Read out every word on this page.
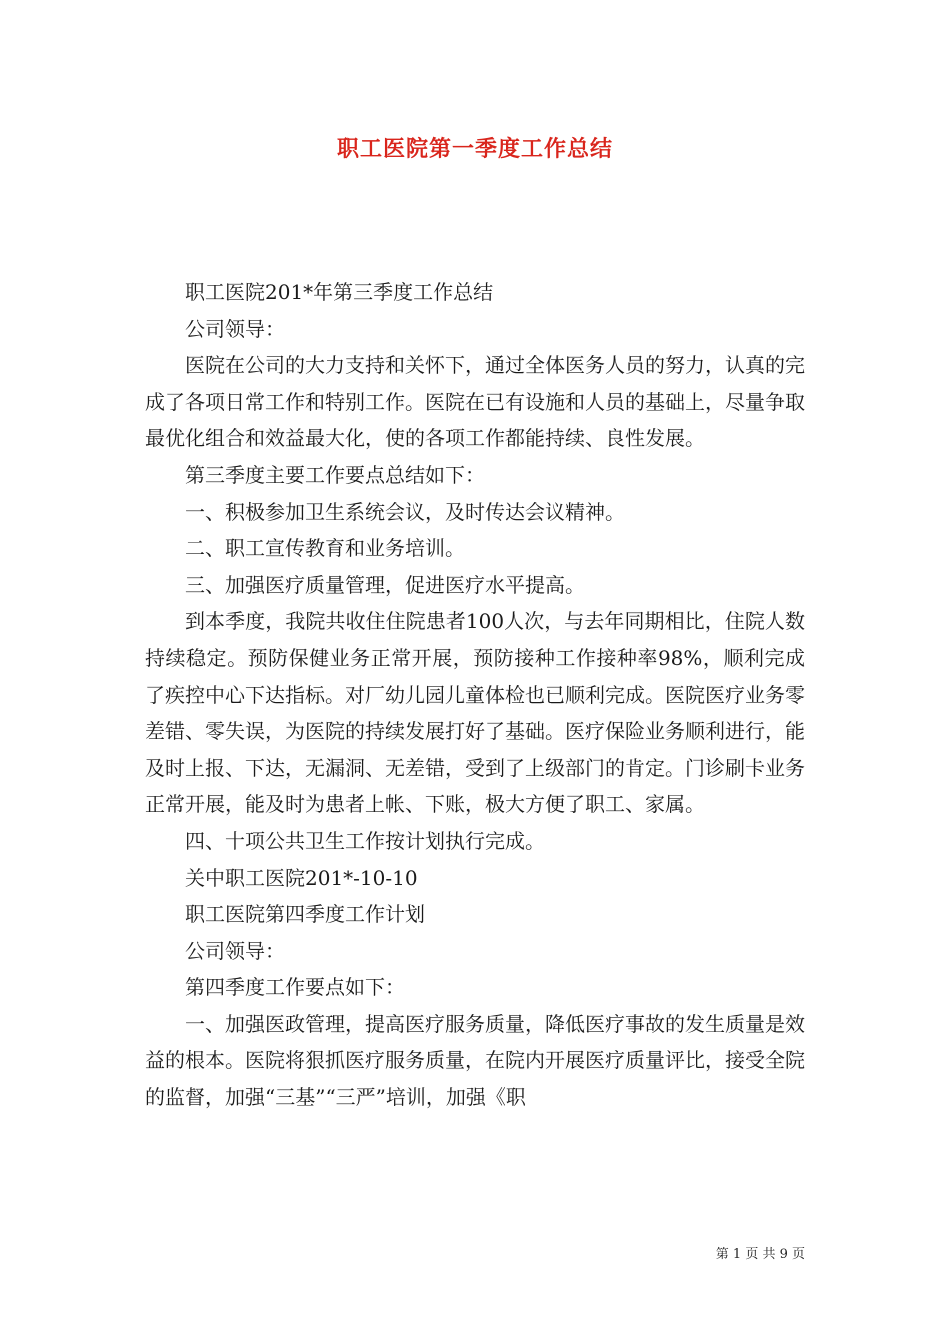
职工医院第一季度工作总结

职工医院201*年第三季度工作总结

公司领导：

医院在公司的大力支持和关怀下，通过全体医务人员的努力，认真的完成了各项日常工作和特别工作。医院在已有设施和人员的基础上，尽量争取最优化组合和效益最大化，使的各项工作都能持续、良性发展。

第三季度主要工作要点总结如下：

一、积极参加卫生系统会议，及时传达会议精神。

二、职工宣传教育和业务培训。

三、加强医疗质量管理，促进医疗水平提高。

到本季度，我院共收住住院患者100人次，与去年同期相比，住院人数持续稳定。预防保健业务正常开展，预防接种工作接种率98%，顺利完成了疾控中心下达指标。对厂幼儿园儿童体检也已顺利完成。医院医疗业务零差错、零失误，为医院的持续发展打好了基础。医疗保险业务顺利进行，能及时上报、下达，无漏洞、无差错，受到了上级部门的肯定。门诊刷卡业务正常开展，能及时为患者上帐、下账，极大方便了职工、家属。

四、十项公共卫生工作按计划执行完成。

关中职工医院201*-10-10

职工医院第四季度工作计划

公司领导：

第四季度工作要点如下：

一、加强医政管理，提高医疗服务质量，降低医疗事故的发生质量是效益的根本。医院将狠抓医疗服务质量，在院内开展医疗质量评比，接受全院的监督，加强“三基”“三严”培训，加强《职

第 1 页 共 9 页
